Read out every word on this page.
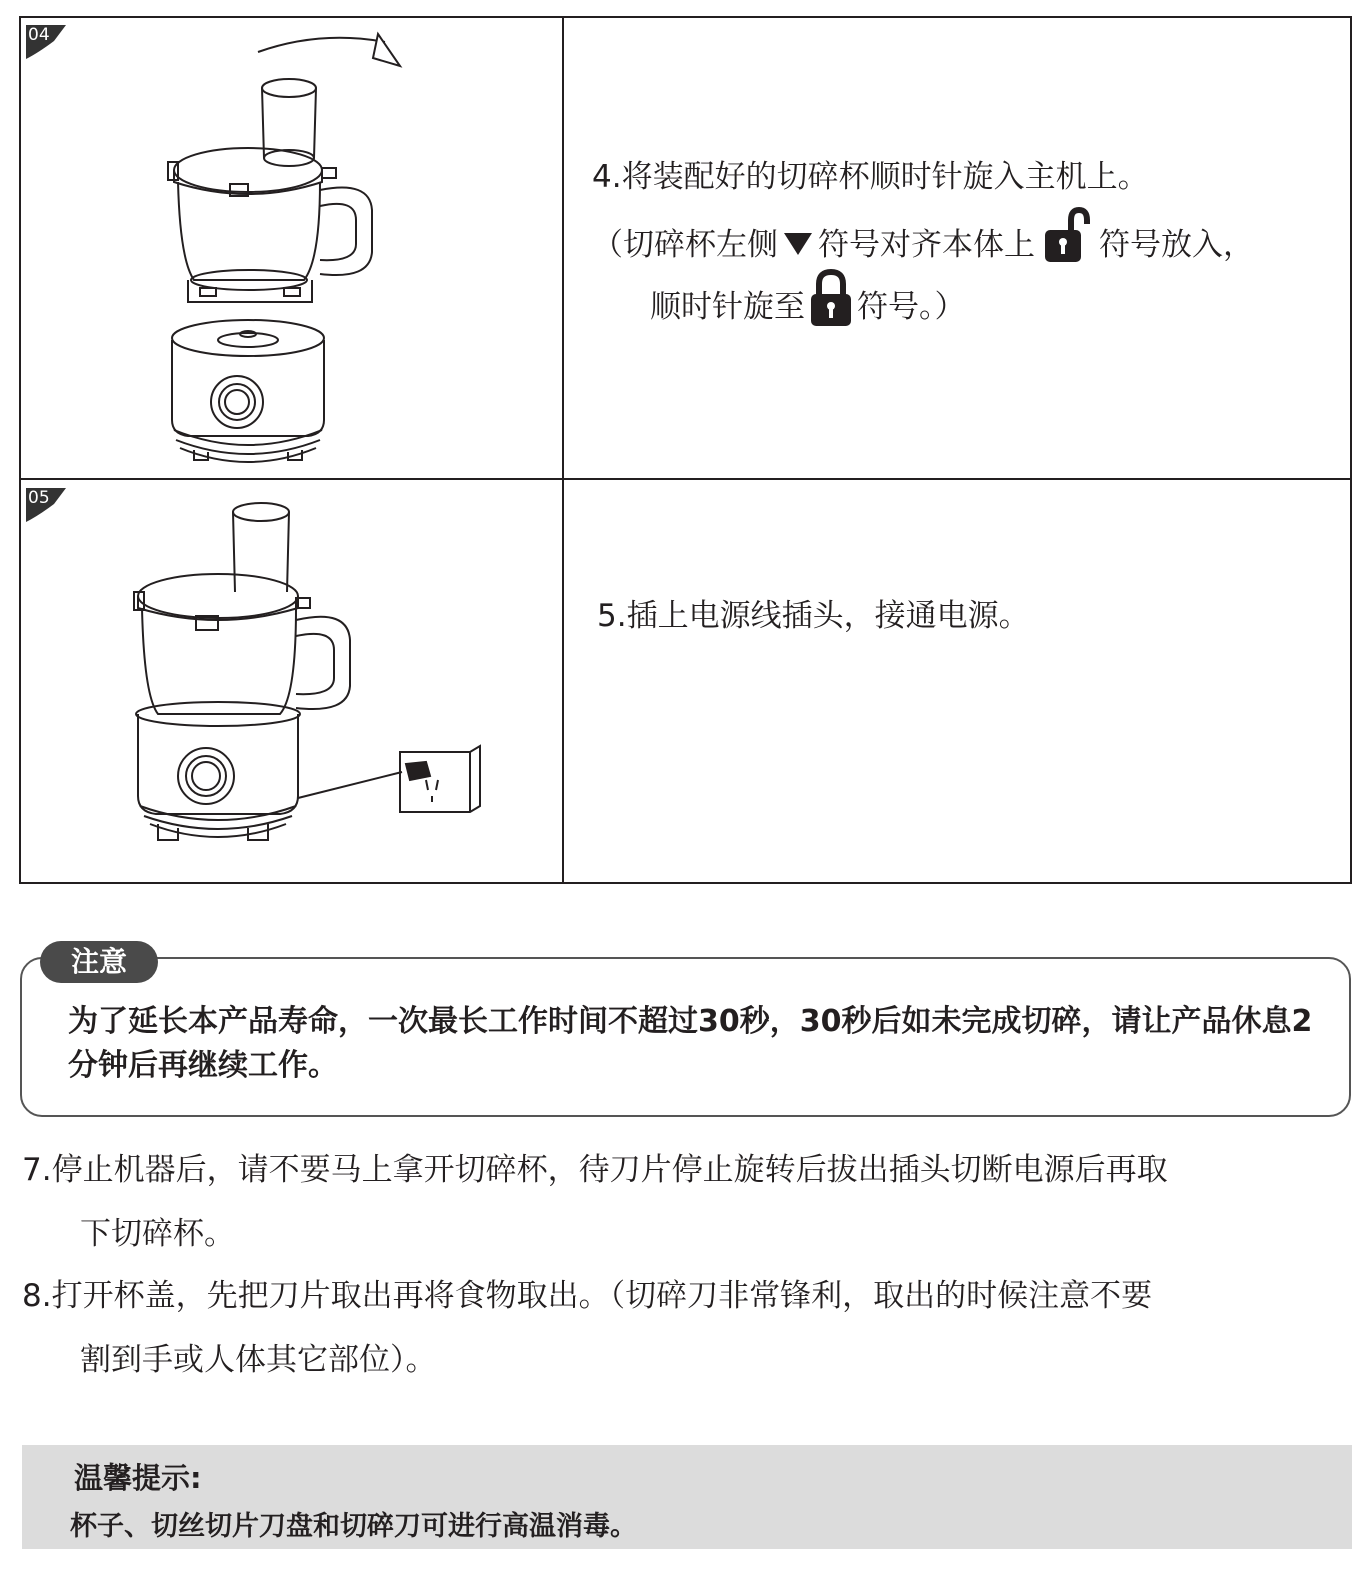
04
4.将装配好的切碎杯顺时针旋入主机上。
（切碎杯左侧 符号对齐本体上 符号放入，
顺时针旋至 符号。）
05
5.插上电源线插头，接通电源。
注意
为了延长本产品寿命，一次最长工作时间不超过30秒，30秒后如未完成切碎，请让产品休息2分钟后再继续工作。
7.停止机器后，请不要马上拿开切碎杯，待刀片停止旋转后拔出插头切断电源后再取
下切碎杯。
8.打开杯盖，先把刀片取出再将食物取出。（切碎刀非常锋利，取出的时候注意不要
割到手或人体其它部位）。
温馨提示:
杯子、切丝切片刀盘和切碎刀可进行高温消毒。
